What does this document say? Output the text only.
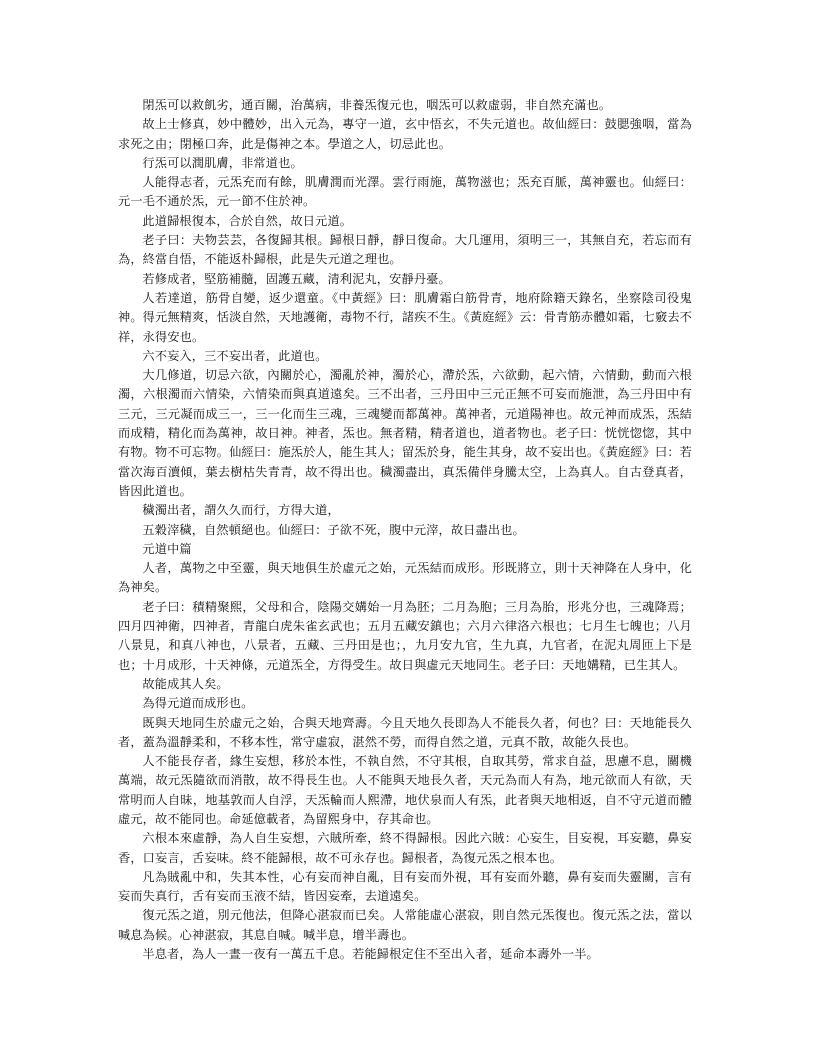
閉炁可以救飢劣，通百關，治萬病，非養炁復元也，咽炁可以救虛弱，非自然充滿也。

故上士修真，妙中體妙，出入元為，專守一道，玄中悟玄，不失元道也。故仙經曰：鼓腮強咽，當為求死之由；閉極口奔，此是傷神之本。學道之人，切忌此也。

行炁可以潤肌膚，非常道也。

人能得志者，元炁充而有餘，肌膚潤而光澤。雲行雨施，萬物滋也；炁充百脈，萬神靈也。仙經曰：元一毛不通於炁，元一節不住於神。

此道歸根復本，合於自然，故日元道。

老子曰：夫物芸芸，各復歸其根。歸根日靜，靜日復命。大几運用，須明三一，其無自充，若忘而有為，終當自悟，不能返朴歸根，此是失元道之理也。

若修成者，堅筋補髓，固護五藏，清利泥丸，安靜丹臺。

人若達道，筋骨自變，返少還童。《中黃經》曰：肌膚霜白筋骨青，地府除籍天錄名，坐察陰司役鬼神。得元無精爽，恬淡自然，天地護衛，毒物不行，諸疾不生。《黃庭經》云：骨青筋赤體如霜，七竅去不祥，永得安也。

六不妄入，三不妄出者，此道也。

大几修道，切忌六欲，內關於心，濁亂於神，濁於心，滯於炁，六欲動，起六情，六情動，動而六根濁，六根濁而六情染，六情染而與真道遠矣。三不出者，三丹田中三元正無不可妄而施泄，為三丹田中有三元，三元凝而成三一，三一化而生三魂，三魂變而都萬神。萬神者，元道陽神也。故元神而成炁，炁結而成精，精化而為萬神，故日神。神者，炁也。無者精，精者道也，道者物也。老子曰：恍恍惚惚，其中有物。物不可忘物。仙經曰：施炁於人，能生其人；留炁於身，能生其身，故不妄出也。《黃庭經》曰：若當次海百瀆傾，葉去樹枯失青青，故不得出也。穢濁盡出，真炁備伴身騰太空，上為真人。自古登真者，皆因此道也。

穢濁出者，謂久久而行，方得大道，

五穀滓穢，自然頓絕也。仙經曰：子欲不死，腹中元滓，故日盡出也。

元道中篇

人者，萬物之中至靈，與天地俱生於虛元之始，元炁結而成形。形既將立，則十天神降在人身中，化為神矣。

老子曰：積精聚熙，父母和合，陰陽交媾始一月為胚；二月為胞；三月為胎，形兆分也，三魂降焉；四月四神衛，四神者，青龍白虎朱雀玄武也；五月五藏安鎮也；六月六律洛六根也；七月生七魄也；八月八景見，和真八神也，八景者，五藏、三丹田是也；，九月安九官，生九真，九官者，在泥丸周匝上下是也；十月成形，十天神條，元道炁全，方得受生。故日與虛元天地同生。老子曰：天地媾精，已生其人。

故能成其人矣。

為得元道而成形也。

既與天地同生於虛元之始，合與天地齊壽。今且天地久長即為人不能長久者，何也？曰：天地能長久者，蓋為溫靜柔和，不移本性，常守虛寂，湛然不勞，而得自然之道，元真不散，故能久長也。

人不能長存者，緣生妄想，移於本性，不執自然，不守其根，自取其勞，常求自益，思慮不息，關機萬端，故元炁隨欲而消散，故不得長生也。人不能與天地長久者，天元為而人有為，地元欲而人有欲，天常明而人自昧，地基敦而人自浮，天炁輪而人熙滯，地伏泉而人有炁，此者與天地相返，自不守元道而體虛元，故不能同也。命延億載者，為留熙身中，存其命也。

六根本來虛靜，為人自生妄想，六賊所牽，終不得歸根。因此六賊：心妄生，目妄視，耳妄聽，鼻妄香，口妄言，舌妄味。終不能歸根，故不可永存也。歸根者，為復元炁之根本也。

凡為賊亂中和，失其本性，心有妄而神自亂，目有妄而外視，耳有妄而外聽，鼻有妄而失靈關，言有妄而失真行，舌有妄而玉液不結，皆因妄牽，去道遠矣。

復元炁之道，別元他法，但降心湛寂而已矣。人常能虛心湛寂，則自然元炁復也。復元炁之法，當以喊息為候。心神湛寂，其息自喊。喊半息，增半壽也。

半息者，為人一晝一夜有一萬五千息。若能歸根定住不至出入者，延命本壽外一半。
